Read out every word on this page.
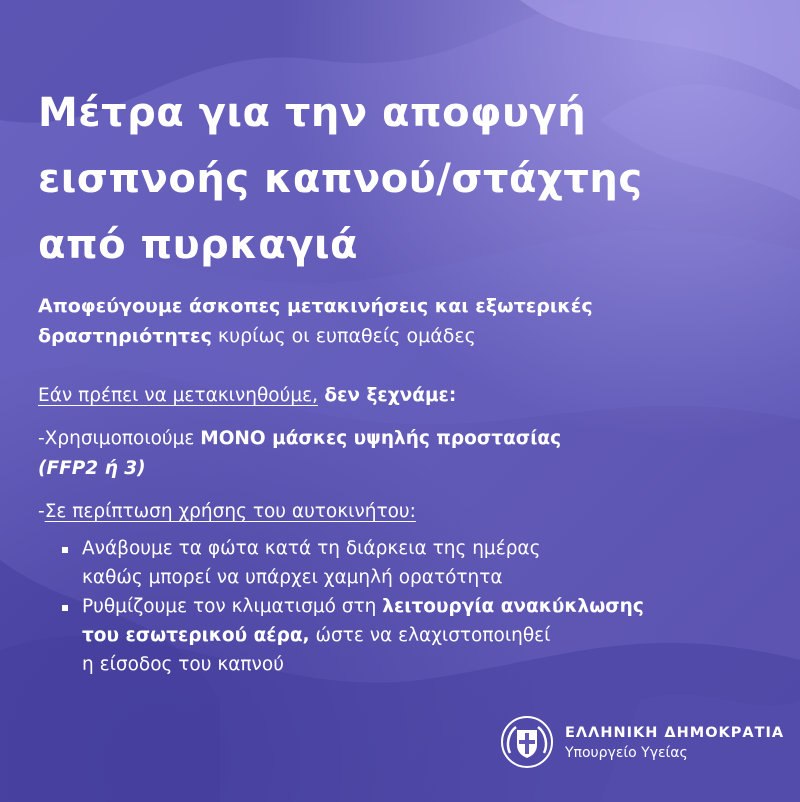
Μέτρα για την αποφυγή
εισπνοής καπνού/στάχτης
από πυρκαγιά
Αποφεύγουμε άσκοπες μετακινήσεις και εξωτερικές
δραστηριότητες κυρίως οι ευπαθείς ομάδες
Εάν πρέπει να μετακινηθούμε, δεν ξεχνάμε:
-Χρησιμοποιούμε ΜΟΝΟ μάσκες υψηλής προστασίας
(FFP2 ή 3)
-Σε περίπτωση χρήσης του αυτοκινήτου:
Ανάβουμε τα φώτα κατά τη διάρκεια της ημέρας
καθώς μπορεί να υπάρχει χαμηλή ορατότητα
Ρυθμίζουμε τον κλιματισμό στη λειτουργία ανακύκλωσης
του εσωτερικού αέρα, ώστε να ελαχιστοποιηθεί
η είσοδος του καπνού
ΕΛΛΗΝΙΚΗ ΔΗΜΟΚΡΑΤΙΑ
Υπουργείο Υγείας
